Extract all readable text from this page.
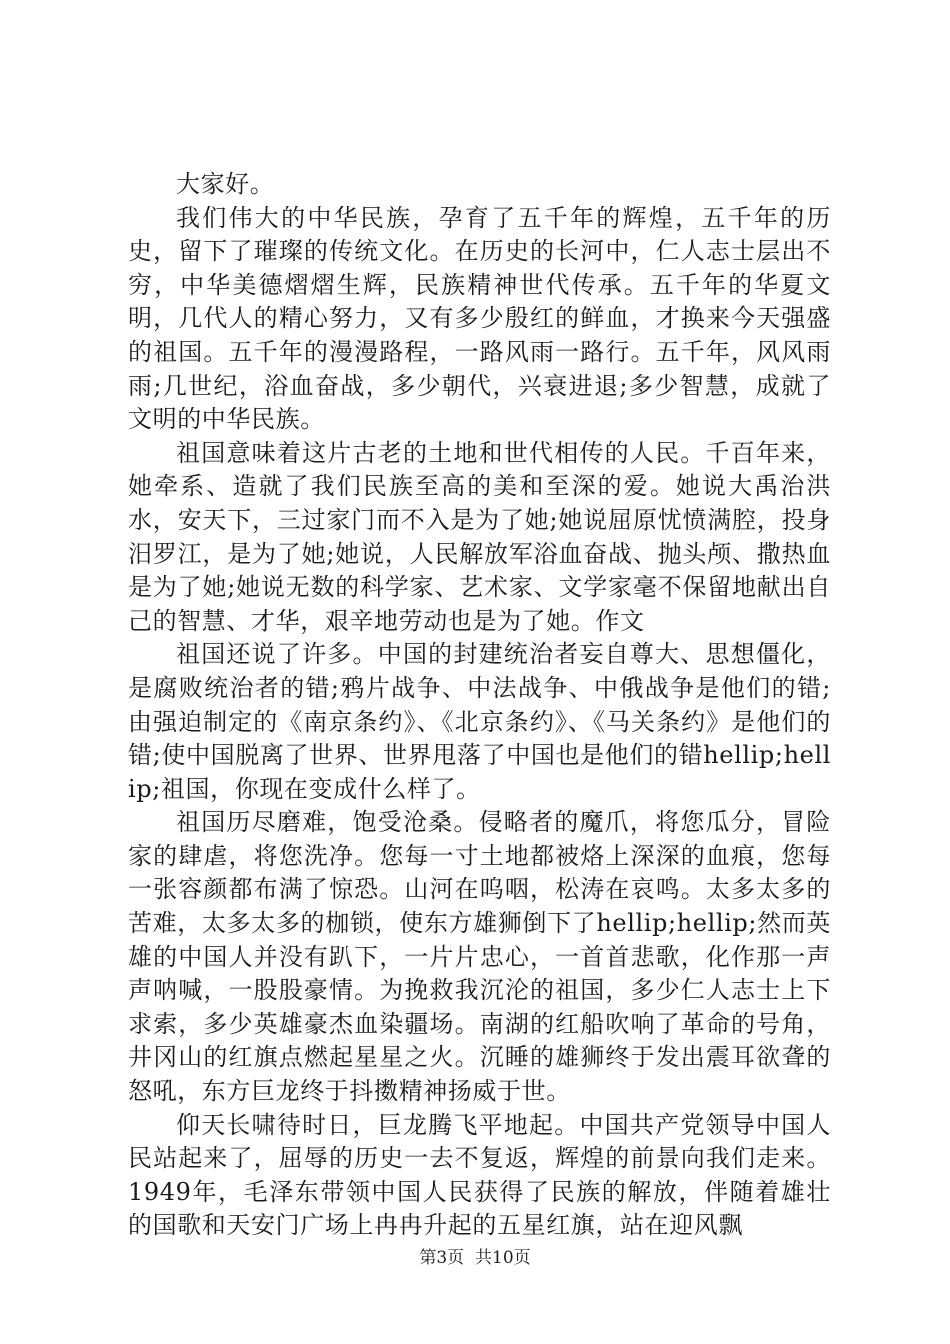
大家好。

我们伟大的中华民族，孕育了五千年的辉煌，五千年的历史，留下了璀璨的传统文化。在历史的长河中，仁人志士层出不穷，中华美德熠熠生辉，民族精神世代传承。五千年的华夏文明，几代人的精心努力，又有多少殷红的鲜血，才换来今天强盛的祖国。五千年的漫漫路程，一路风雨一路行。五千年，风风雨雨;几世纪，浴血奋战，多少朝代，兴衰进退;多少智慧，成就了文明的中华民族。

祖国意味着这片古老的土地和世代相传的人民。千百年来，她牵系、造就了我们民族至高的美和至深的爱。她说大禹治洪水，安天下，三过家门而不入是为了她;她说屈原忧愤满腔，投身汨罗江，是为了她;她说，人民解放军浴血奋战、抛头颅、撒热血是为了她;她说无数的科学家、艺术家、文学家毫不保留地献出自己的智慧、才华，艰辛地劳动也是为了她。作文

祖国还说了许多。中国的封建统治者妄自尊大、思想僵化，是腐败统治者的错;鸦片战争、中法战争、中俄战争是他们的错;由强迫制定的《南京条约》、《北京条约》、《马关条约》是他们的错;使中国脱离了世界、世界甩落了中国也是他们的错hellip;hellip;祖国，你现在变成什么样了。

祖国历尽磨难，饱受沧桑。侵略者的魔爪，将您瓜分，冒险家的肆虐，将您洗净。您每一寸土地都被烙上深深的血痕，您每一张容颜都布满了惊恐。山河在呜咽，松涛在哀鸣。太多太多的苦难，太多太多的枷锁，使东方雄狮倒下了hellip;hellip;然而英雄的中国人并没有趴下，一片片忠心，一首首悲歌，化作那一声声呐喊，一股股豪情。为挽救我沉沦的祖国，多少仁人志士上下求索，多少英雄豪杰血染疆场。南湖的红船吹响了革命的号角，井冈山的红旗点燃起星星之火。沉睡的雄狮终于发出震耳欲聋的怒吼，东方巨龙终于抖擞精神扬威于世。

仰天长啸待时日，巨龙腾飞平地起。中国共产党领导中国人民站起来了，屈辱的历史一去不复返，辉煌的前景向我们走来。1949年，毛泽东带领中国人民获得了民族的解放，伴随着雄壮的国歌和天安门广场上冉冉升起的五星红旗，站在迎风飘

第3页 共10页
